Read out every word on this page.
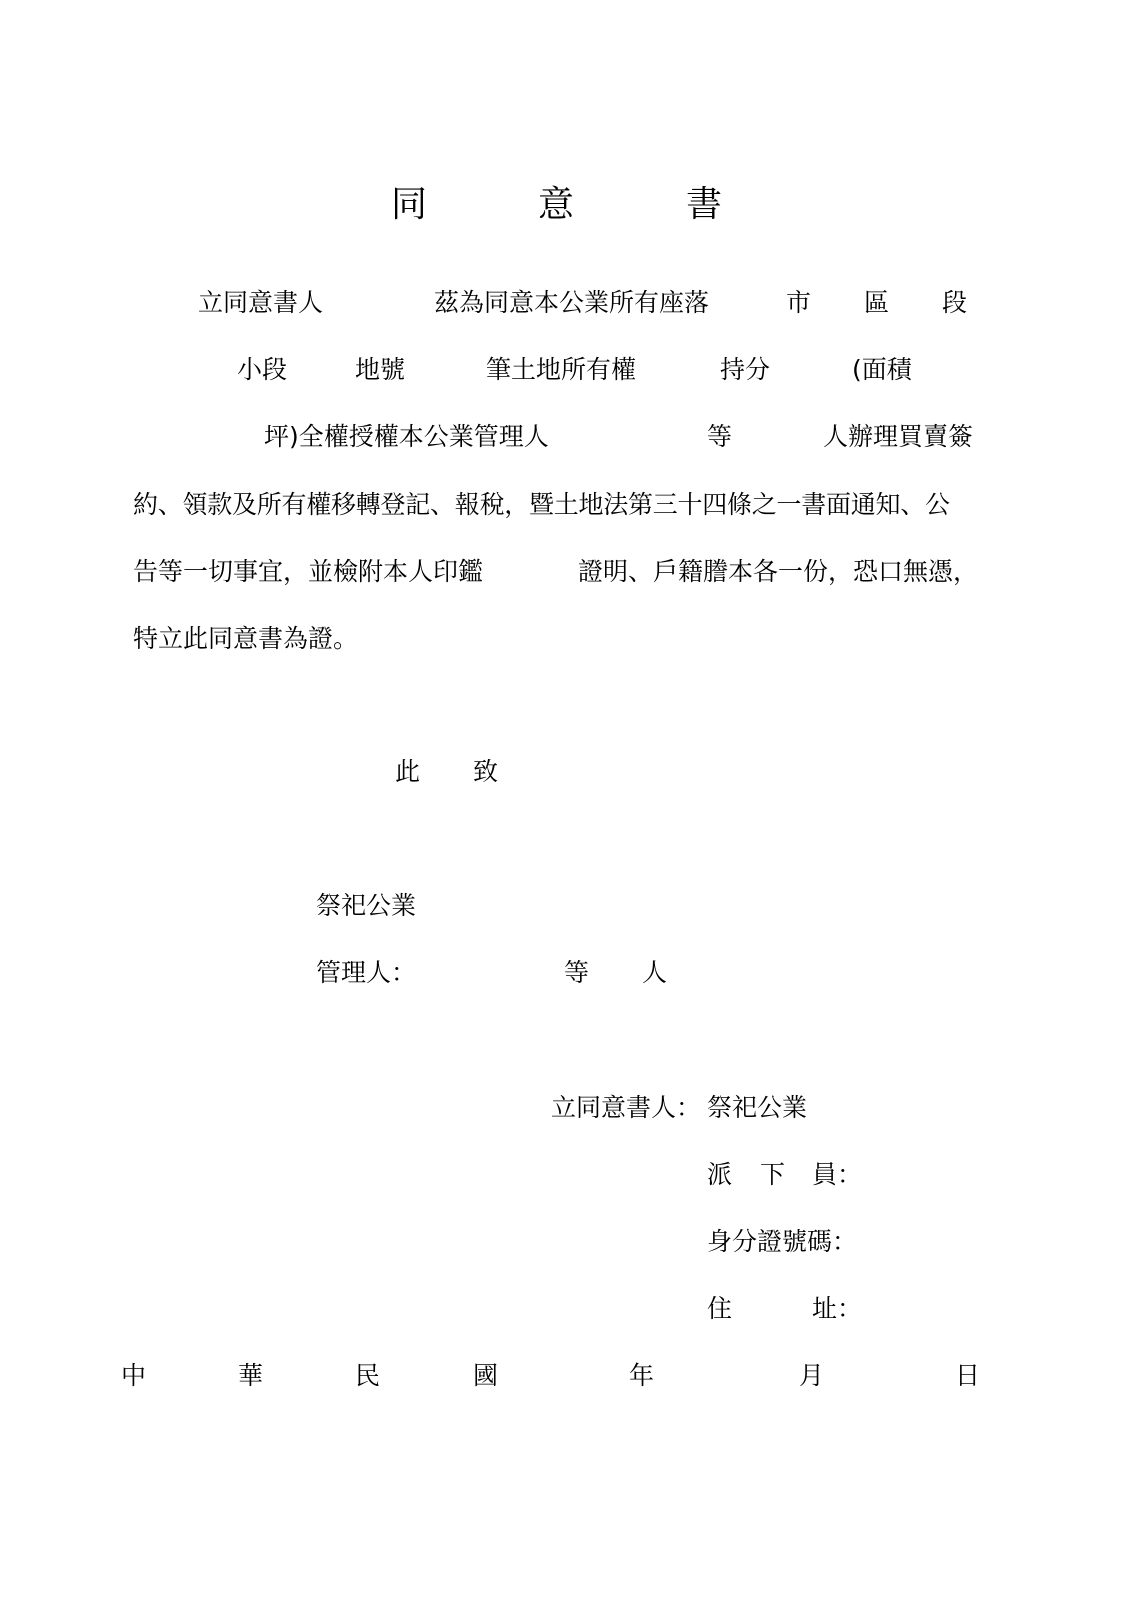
同	意	書
立同意書人	茲為同意本公業所有座落	市 區 段
小段	地號	筆土地所有權	持分	(面積
坪)全權授權本公業管理人	等	人辦理買賣簽
約、領款及所有權移轉登記、報稅，暨土地法第三十四條之一書面通知、公
告等一切事宜，並檢附本人印鑑	證明、戶籍謄本各一份，恐口無憑，
特立此同意書為證。
此 致
祭祀公業
管理人：	等 人
立同意書人： 祭祀公業
派 下 員：
身分證號碼：
住	址：
中	華	民	國	年	月	日
